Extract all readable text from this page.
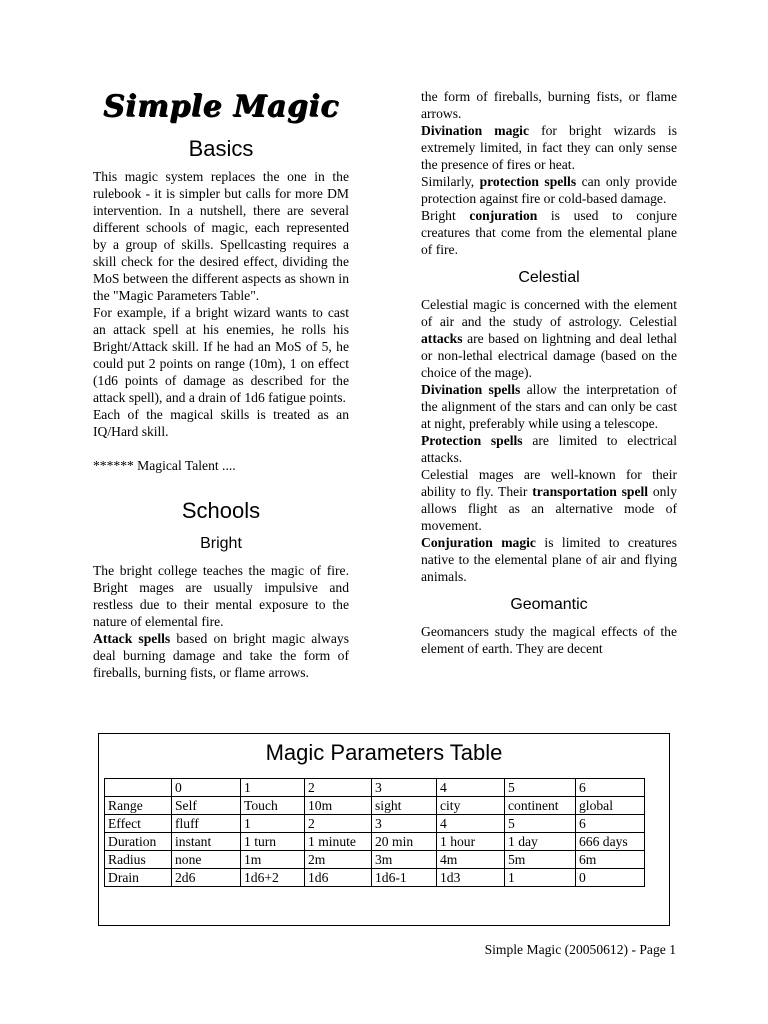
Simple Magic
Basics

This magic system replaces the one in the rulebook - it is simpler but calls for more DM intervention. In a nutshell, there are several different schools of magic, each represented by a group of skills. Spellcasting requires a skill check for the desired effect, dividing the MoS between the different aspects as shown in the "Magic Parameters Table".

For example, if a bright wizard wants to cast an attack spell at his enemies, he rolls his Bright/Attack skill. If he had an MoS of 5, he could put 2 points on range (10m), 1 on effect (1d6 points of damage as described for the attack spell), and a drain of 1d6 fatigue points.

Each of the magical skills is treated as an IQ/Hard skill.

****** Magical Talent ....

Schools
Bright

The bright college teaches the magic of fire. Bright mages are usually impulsive and restless due to their mental exposure to the nature of elemental fire.

Attack spells based on bright magic always deal burning damage and take the form of fireballs, burning fists, or flame arrows.

the form of fireballs, burning fists, or flame arrows.

Divination magic for bright wizards is extremely limited, in fact they can only sense the presence of fires or heat.

Similarly, protection spells can only provide protection against fire or cold-based damage.

Bright conjuration is used to conjure creatures that come from the elemental plane of fire.

Celestial

Celestial magic is concerned with the element of air and the study of astrology. Celestial attacks are based on lightning and deal lethal or non-lethal electrical damage (based on the choice of the mage).

Divination spells allow the interpretation of the alignment of the stars and can only be cast at night, preferably while using a telescope.

Protection spells are limited to electrical attacks.

Celestial mages are well-known for their ability to fly. Their transportation spell only allows flight as an alternative mode of movement.

Conjuration magic is limited to creatures native to the elemental plane of air and flying animals.

Geomantic

Geomancers study the magical effects of the element of earth. They are decent

Magic Parameters Table
	0	1	2	3	4	5	6
Range	Self	Touch	10m	sight	city	continent	global
Effect	fluff	1	2	3	4	5	6
Duration	instant	1 turn	1 minute	20 min	1 hour	1 day	666 days
Radius	none	1m	2m	3m	4m	5m	6m
Drain	2d6	1d6+2	1d6	1d6-1	1d3	1	0
Simple Magic (20050612) - Page 1
